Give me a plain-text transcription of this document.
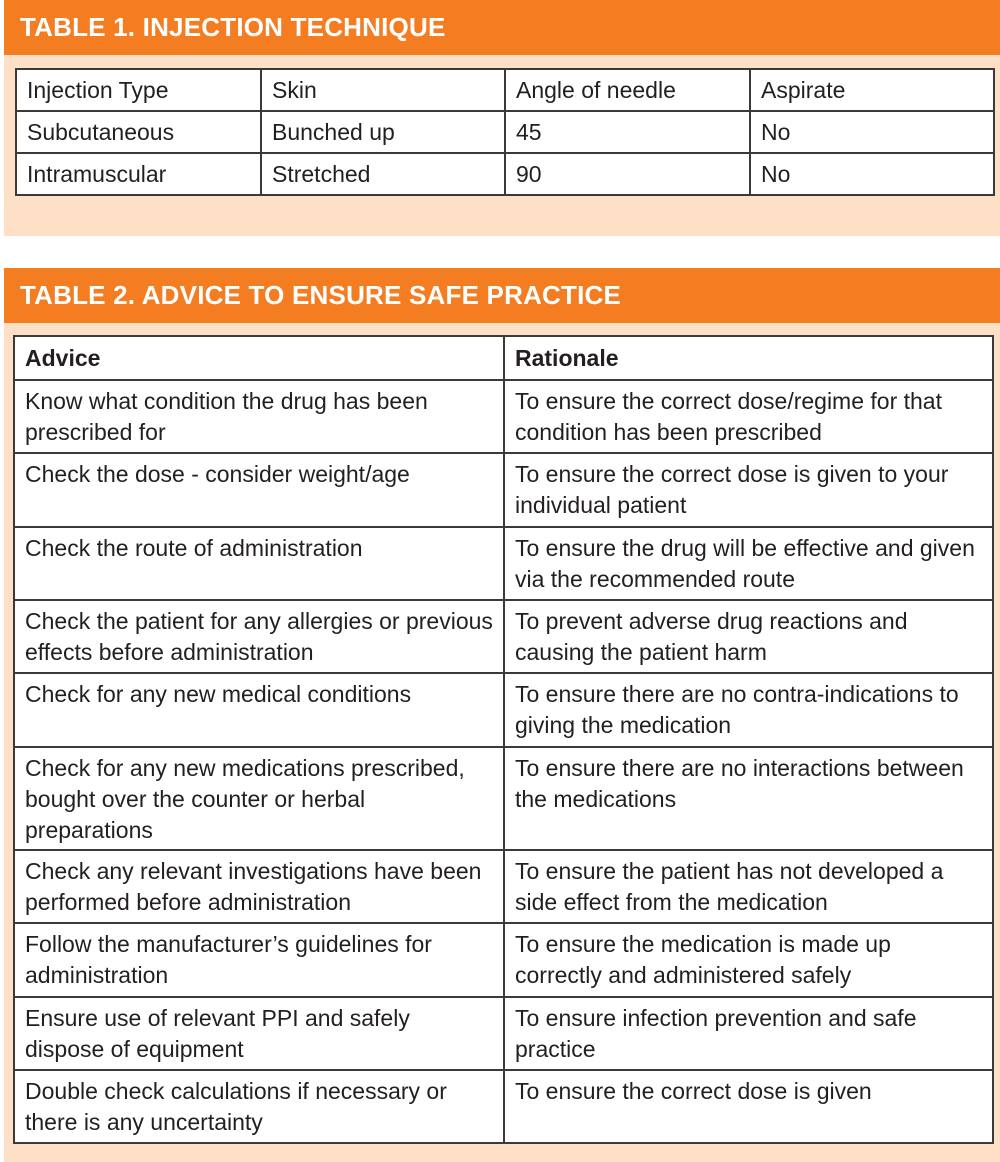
TABLE 1. INJECTION TECHNIQUE
Injection Type	Skin	Angle of needle	Aspirate
Subcutaneous	Bunched up	45	No
Intramuscular	Stretched	90	No
TABLE 2. ADVICE TO ENSURE SAFE PRACTICE
Advice	Rationale
Know what condition the drug has been prescribed for	To ensure the correct dose/regime for that condition has been prescribed
Check the dose - consider weight/age	To ensure the correct dose is given to your individual patient
Check the route of administration	To ensure the drug will be effective and given via the recommended route
Check the patient for any allergies or previous effects before administration	To prevent adverse drug reactions and causing the patient harm
Check for any new medical conditions	To ensure there are no contra-indications to giving the medication
Check for any new medications prescribed, bought over the counter or herbal preparations	To ensure there are no interactions between the medications
Check any relevant investigations have been performed before administration	To ensure the patient has not developed a side effect from the medication
Follow the manufacturer’s guidelines for administration	To ensure the medication is made up correctly and administered safely
Ensure use of relevant PPI and safely dispose of equipment	To ensure infection prevention and safe practice
Double check calculations if necessary or there is any uncertainty	To ensure the correct dose is given
